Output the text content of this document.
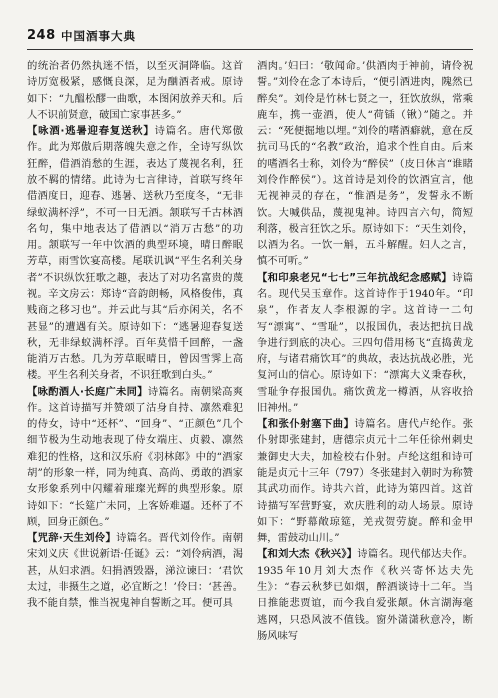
248 中国酒事大典

的统治者仍然执迷不悟，以至灭洞降临。这首诗厉宽极紧，感慨良深，足为酗酒者戒。原诗如下：“九醞松醪一曲歌，本图闲放养天和。后人不识前贤意，破国亡家事甚多。”

【咏酒·逃暑迎春复送秋】诗篇名。唐代郑傲作。此为郑傲后期落魄失意之作，全诗写纵饮狂醉，借酒消愁的生涯，表达了蔑视名利，狂放不羁的情绪。此诗为七言律诗，首联写终年借酒度日，迎春、逃暑、送秋乃至度冬，“无非绿蚁满杯浮”，不可一日无酒。颔联写千古林酒名句，集中地表达了借酒以“消万古愁”的功用。颔联写一年中饮酒的典型环境，晴日醉眠芳草，雨雪饮宴高楼。尾联讥讽“平生名利关身者”不识纵饮狂歌之趣，表达了对功名富贵的蔑视。辛文房云：郑诗“音韵朗畅，风格俊伟，真贱商之移习也”。并云此与其“后亦闲关，名不甚显”的遭遇有关。原诗如下：“逃暑迎春复送秋，无非绿蚁满杯浮。百年莫惜千回醉，一盏能消万古愁。几为芳草眠晴日，曾因雪霁上高楼。平生名利关身者，不识狂歌到白头。”

【咏酌酒人·长庭广未同】诗篇名。南朝梁高爽作。这首诗描写并赞颂了沽身自持、凛然难犯的侍女，诗中“还杯”、“回身”、“正颜色”几个细节极为生动地表现了侍女端庄、贞毅、凛然难犯的性格，这和汉乐府《羽林郎》中的“酒家胡”的形象一样，同为纯真、高尚、勇敢的酒家女形象系列中闪耀着璀璨光辉的典型形象。原诗如下：“长筵广未同，上客娇难逼。还杯了不顾，回身正颜色。”

【咒辞·天生刘伶】诗篇名。晋代刘伶作。南朝宋刘义庆《世说新语·任诞》云：“刘伶病酒，渴甚，从妇求酒。妇捐酒毁器，涕泣谏曰：‘君饮太过，非摄生之道，必宜断之！’伶曰：‘甚善。我不能自禁，惟当祝鬼神自誓断之耳。便可具

酒肉。’妇曰：‘敬闻命。’供酒肉于神前，请伶祝誓。”刘伶在念了本诗后，“便引酒进肉，隗然已醉矣”。刘伶是竹林七贤之一，狂饮放纵，常乘鹿车，携一壶酒，使人“荷锸（锹）”随之。并云：“死便掘地以埋。”刘伶的嗜酒癖就，意在反抗司马氏的“名教”政治，追求个性自由。后来的嗜酒名士称，刘伶为“醉侯”（皮日休言“谁睹刘伶作醉侯”）。这首诗是刘伶的饮酒宣言，他无视神灵的存在，“惟酒是务”，发誓永不断饮。大喊供品，蔑视鬼神。诗四言六句，简短利落，极言狂饮之乐。原诗如下：“天生刘伶，以酒为名。一饮一斛，五斗解醒。妇人之言，慎不可听。”

【和印泉老兄“七七”三年抗战纪念感赋】诗篇名。现代吴玉章作。这首诗作于1940年。“印泉”，作者友人李根源的字。这首诗一二句写“漂寓”、“雪耻”，以报国仇，表达把抗日战争进行到底的决心。三四句借用杨飞“直捣黄龙府，与诸君痛饮耳”的典故，表达抗战必胜，光复河山的信心。原诗如下：“漂寓大义秉春秋，雪耻争存报国仇。痛饮黄龙一樽酒，从容收拾旧神州。”

【和张仆射塞下曲】诗篇名。唐代卢纶作。张仆射即张建封，唐德宗贞元十二年任徐州刺史兼御史大夫，加检校右仆射。卢纶这组和诗可能是贞元十三年（797）冬张建封入朝时为称赞其武功而作。诗共六首，此诗为第四首。这首诗描写军营野宴，欢庆胜利的动人场景。原诗如下：“野幕敞琼筵，羌戎贺劳旋。醉和金甲舞，雷鼓动山川。”

【和刘大杰《秋兴》】诗篇名。现代郁达夫作。1935年10月刘大杰作《秋兴寄怀达夫先生》：“春云秋梦已如烟，醉酒谈诗十二年。当日推能悲贾谊，而今我自爱张颠。休言湖海毫逃网，只恐风波不值钱。窗外潇潇秋意冷，断肠风味写
